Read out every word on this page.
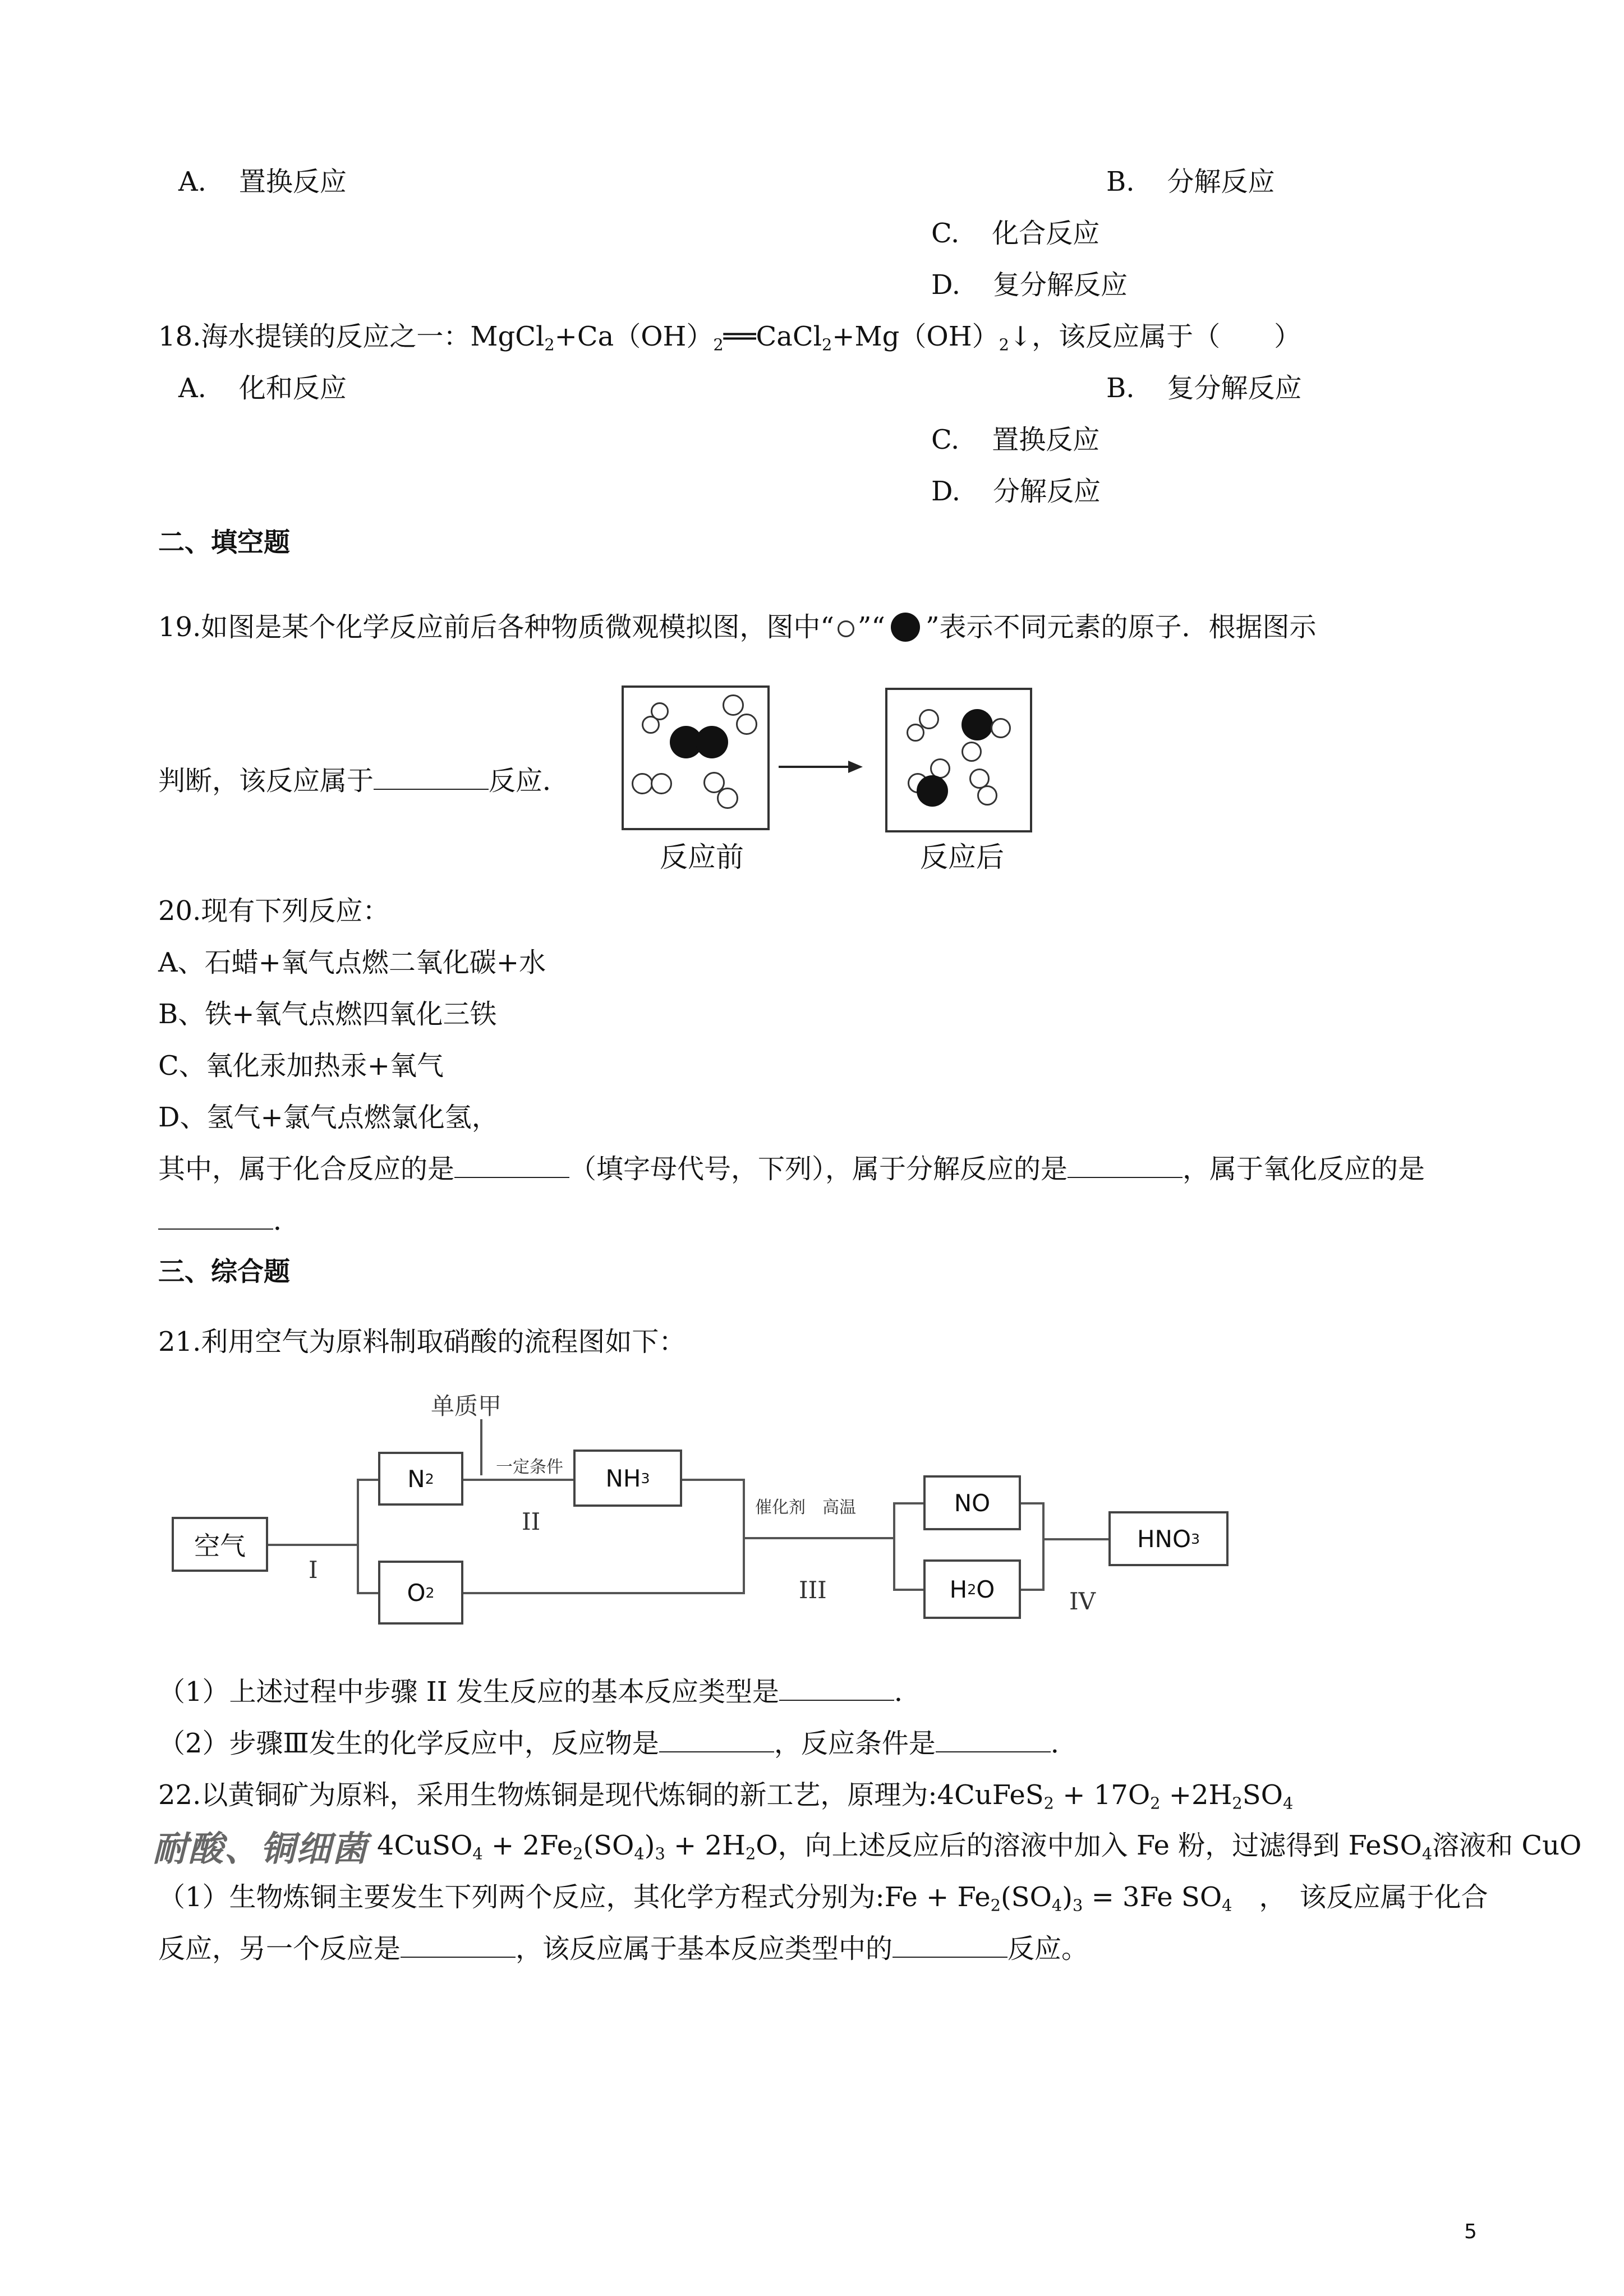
A. 置换反应	B. 分解反应
C. 化合反应
D. 复分解反应
18.海水提镁的反应之一：$MgCl_2+Ca(OH)_2══CaCl_2+Mg(OH)_2↓$，该反应属于（　　）
A. 化和反应	B. 复分解反应
C. 置换反应
D. 分解反应
二、填空题
19.如图是某个化学反应前后各种物质微观模拟图，图中“ ”“ ”表示不同元素的原子．根据图示
判断，该反应属于	反应．
反应前	反应后
20.现有下列反应：
A、石蜡+氧气点燃二氧化碳+水
B、铁+氧气点燃四氧化三铁
C、氧化汞加热汞+氧气
D、氢气+氯气点燃氯化氢，
其中，属于化合反应的是	（填字母代号，下列），属于分解反应的是	，属于氧化反应的是
．
三、综合题
21.利用空气为原料制取硝酸的流程图如下：
空气
N 2
O 2
NH 3
NO
H 2 O
HNO 3
单质甲
一定条件
催化剂　高温
I
II
III	IV
（1）上述过程中步骤 II 发生反应的基本反应类型是	．
（2）步骤Ⅲ发生的化学反应中，反应物是	，反应条件是	．
22.以黄铜矿为原料，采用生物炼铜是现代炼铜的新工艺，原理为:4CuFeS$_2$ + $17O_2 +2H_2SO_4$
耐酸、铜细菌 4CuSO$_4$ + $2Fe_2(SO_4)_3 + 2H_2O$，向上述反应后的溶液中加入 Fe 粉，过滤得到 FeSO$_4$溶液和 CuO
（1）生物炼铜主要发生下列两个反应，其化学方程式分别为:Fe + $Fe_2(SO_4)_3 = 3Fe$ $SO_4$　，　该反应属于化合
反应，另一个反应是	，该反应属于基本反应类型中的	反应。
5
